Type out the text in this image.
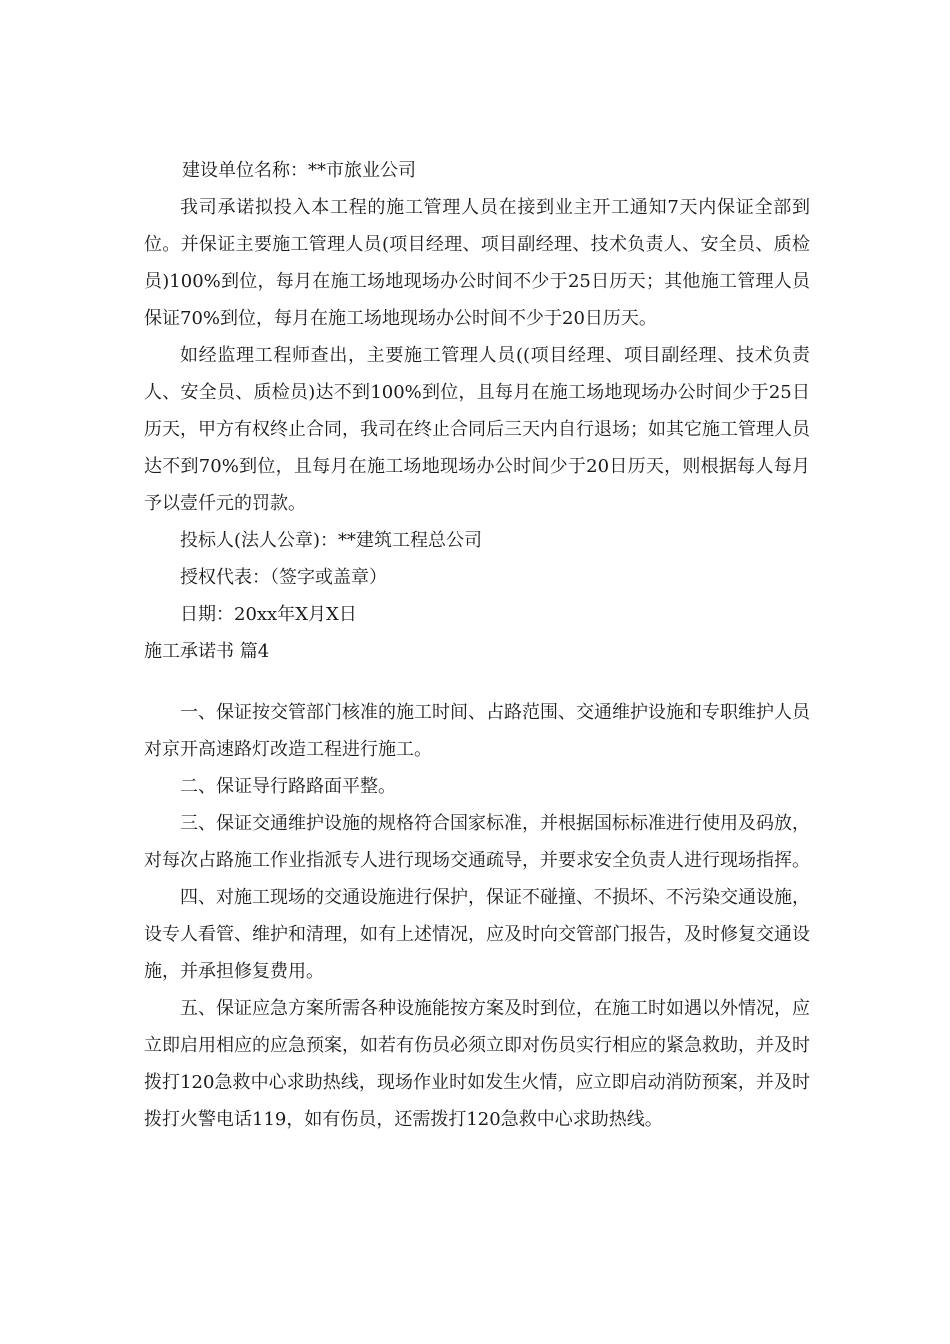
建设单位名称：**市旅业公司

我司承诺拟投入本工程的施工管理人员在接到业主开工通知7天内保证全部到位。并保证主要施工管理人员(项目经理、项目副经理、技术负责人、安全员、质检员)100%到位，每月在施工场地现场办公时间不少于25日历天；其他施工管理人员保证70%到位，每月在施工场地现场办公时间不少于20日历天。

如经监理工程师查出，主要施工管理人员((项目经理、项目副经理、技术负责人、安全员、质检员)达不到100%到位，且每月在施工场地现场办公时间少于25日历天，甲方有权终止合同，我司在终止合同后三天内自行退场；如其它施工管理人员达不到70%到位，且每月在施工场地现场办公时间少于20日历天，则根据每人每月予以壹仟元的罚款。

投标人(法人公章)：**建筑工程总公司

授权代表：（签字或盖章）

日期：20xx年X月X日

施工承诺书 篇4

一、保证按交管部门核准的施工时间、占路范围、交通维护设施和专职维护人员对京开高速路灯改造工程进行施工。

二、保证导行路路面平整。

三、保证交通维护设施的规格符合国家标准，并根据国标标准进行使用及码放，对每次占路施工作业指派专人进行现场交通疏导，并要求安全负责人进行现场指挥。

四、对施工现场的交通设施进行保护，保证不碰撞、不损坏、不污染交通设施，设专人看管、维护和清理，如有上述情况，应及时向交管部门报告，及时修复交通设施，并承担修复费用。

五、保证应急方案所需各种设施能按方案及时到位，在施工时如遇以外情况，应立即启用相应的应急预案，如若有伤员必须立即对伤员实行相应的紧急救助，并及时拨打120急救中心求助热线，现场作业时如发生火情，应立即启动消防预案，并及时拨打火警电话119，如有伤员，还需拨打120急救中心求助热线。
